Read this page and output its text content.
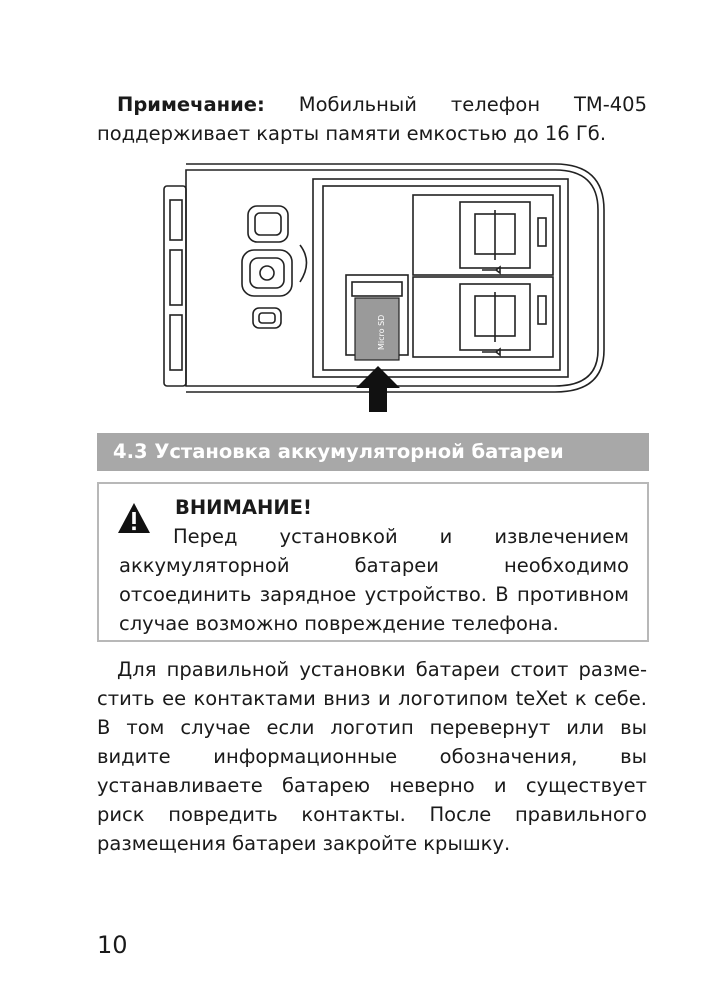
Примечание: Мобильный телефон TM-405 поддерживает карты памяти емкостью до 16 Гб.

Micro SD
4.3 Установка аккумуляторной батареи
ВНИМАНИЕ!

Перед установкой и извлечением аккумуляторной батареи необходимо отсоединить зарядное устройство. В противном случае возможно повреждение телефона.

Для правильной установки батареи стоит разместить ее контактами вниз и логотипом teXet к себе. В том случае если логотип перевернут или вы видите информационные обозначения, вы устанавливаете батарею неверно и существует риск повредить контакты. После правильного размещения батареи закройте крышку.

10
